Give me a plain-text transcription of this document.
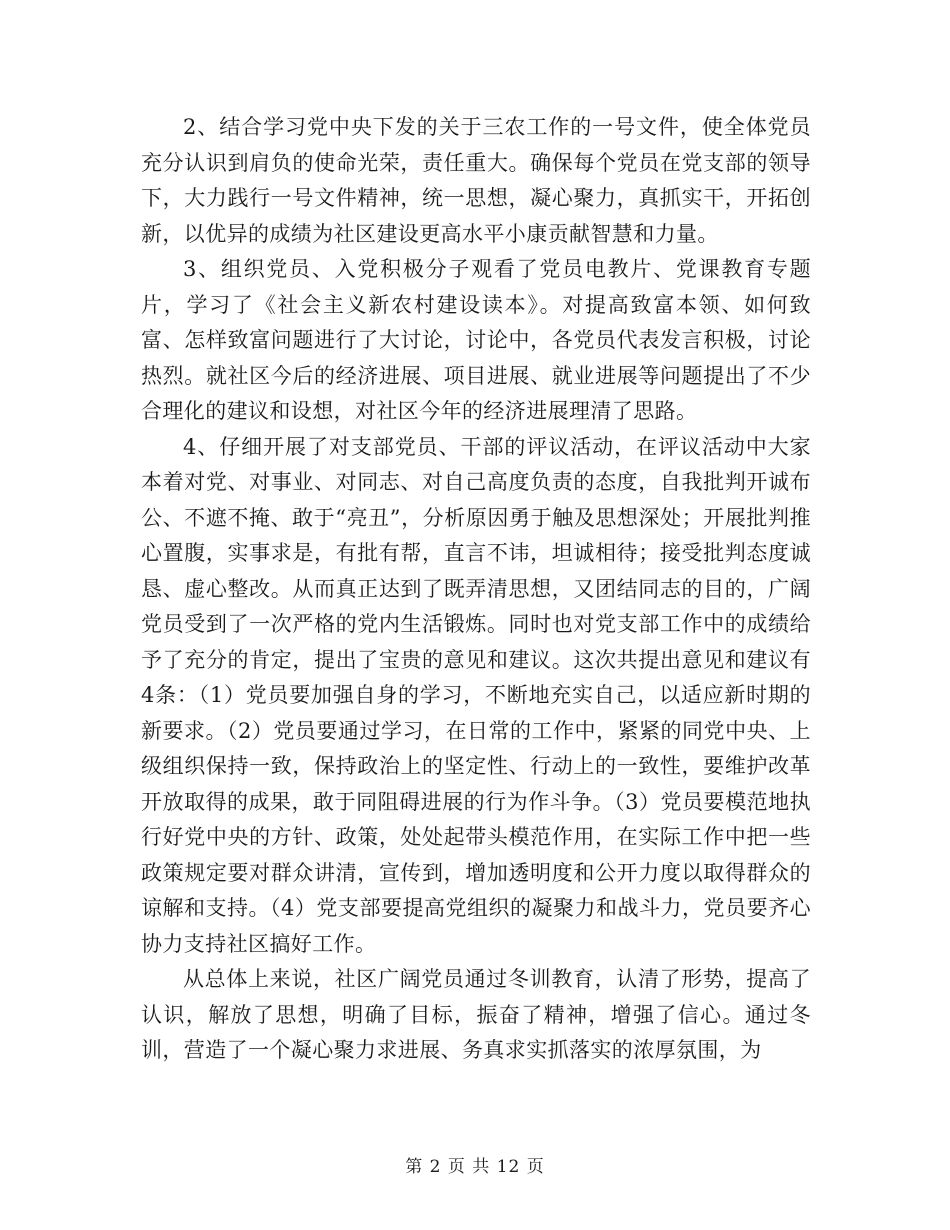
2、结合学习党中央下发的关于三农工作的一号文件，使全体党员充分认识到肩负的使命光荣，责任重大。确保每个党员在党支部的领导下，大力践行一号文件精神，统一思想，凝心聚力，真抓实干，开拓创新，以优异的成绩为社区建设更高水平小康贡献智慧和力量。

3、组织党员、入党积极分子观看了党员电教片、党课教育专题片，学习了《社会主义新农村建设读本》。对提高致富本领、如何致富、怎样致富问题进行了大讨论，讨论中，各党员代表发言积极，讨论热烈。就社区今后的经济进展、项目进展、就业进展等问题提出了不少合理化的建议和设想，对社区今年的经济进展理清了思路。

4、仔细开展了对支部党员、干部的评议活动，在评议活动中大家本着对党、对事业、对同志、对自己高度负责的态度，自我批判开诚布公、不遮不掩、敢于“亮丑”，分析原因勇于触及思想深处；开展批判推心置腹，实事求是，有批有帮，直言不讳，坦诚相待；接受批判态度诚恳、虚心整改。从而真正达到了既弄清思想，又团结同志的目的，广阔党员受到了一次严格的党内生活锻炼。同时也对党支部工作中的成绩给予了充分的肯定，提出了宝贵的意见和建议。这次共提出意见和建议有4条：（1）党员要加强自身的学习，不断地充实自己，以适应新时期的新要求。（2）党员要通过学习，在日常的工作中，紧紧的同党中央、上级组织保持一致，保持政治上的坚定性、行动上的一致性，要维护改革开放取得的成果，敢于同阻碍进展的行为作斗争。（3）党员要模范地执行好党中央的方针、政策，处处起带头模范作用，在实际工作中把一些政策规定要对群众讲清，宣传到，增加透明度和公开力度以取得群众的谅解和支持。（4）党支部要提高党组织的凝聚力和战斗力，党员要齐心协力支持社区搞好工作。

从总体上来说，社区广阔党员通过冬训教育，认清了形势，提高了认识，解放了思想，明确了目标，振奋了精神，增强了信心。通过冬训，营造了一个凝心聚力求进展、务真求实抓落实的浓厚氛围，为

第 2 页 共 12 页
